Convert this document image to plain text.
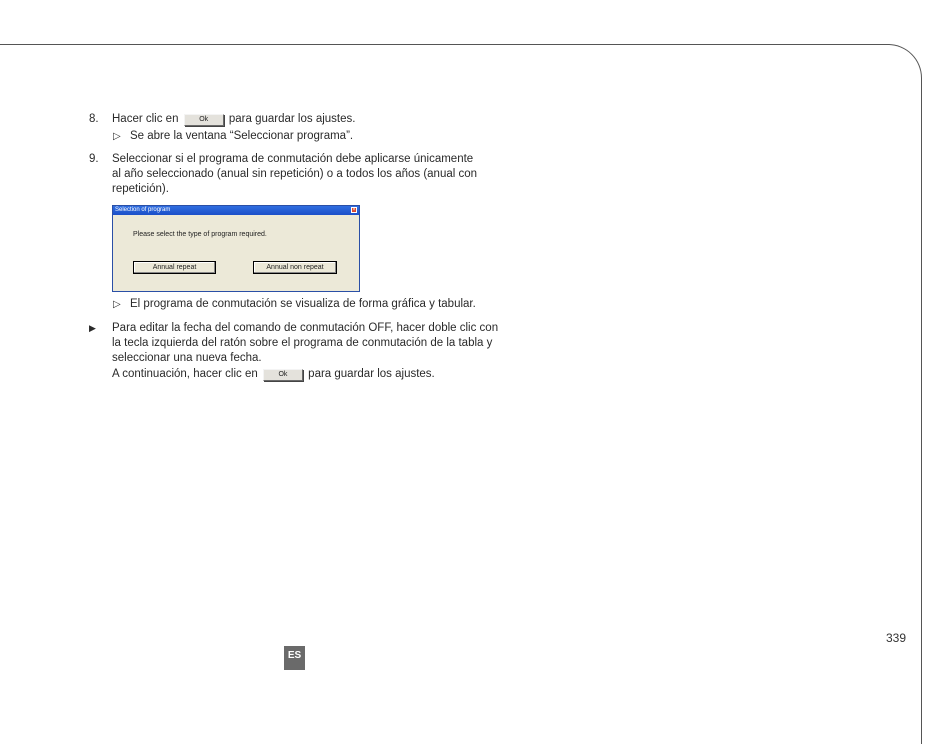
8. Hacer clic en	Ok para guardar los ajustes.
▷ Se abre la ventana “Seleccionar programa”.
9. Seleccionar si el programa de conmutación debe aplicarse únicamente
al año seleccionado (anual sin repetición) o a todos los años (anual con
repetición).
Selection of program	×
Please select the type of program required.
Annual repeat	Annual non repeat
▷ El programa de conmutación se visualiza de forma gráfica y tabular.
▶ Para editar la fecha del comando de conmutación OFF, hacer doble clic con
la tecla izquierda del ratón sobre el programa de conmutación de la tabla y
seleccionar una nueva fecha.
A continuación, hacer clic en	Ok para guardar los ajustes.
339
ES
